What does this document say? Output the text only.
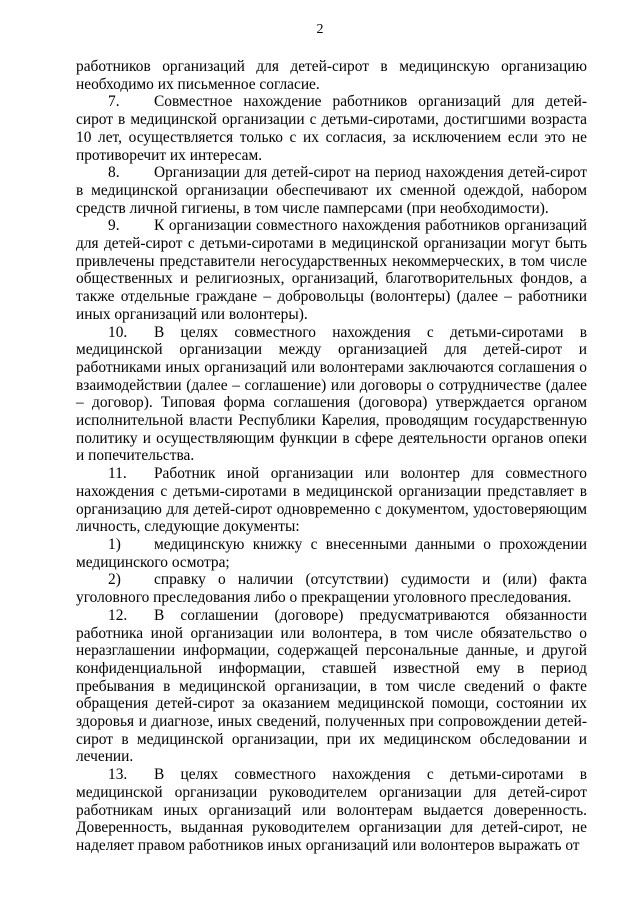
2

работников организаций для детей-сирот в медицинскую организацию необходимо их письменное согласие.

7. Совместное нахождение работников организаций для детей-сирот в медицинской организации с детьми-сиротами, достигшими возраста 10 лет, осуществляется только с их согласия, за исключением если это не противоречит их интересам.

8. Организации для детей-сирот на период нахождения детей-сирот в медицинской организации обеспечивают их сменной одеждой, набором средств личной гигиены, в том числе памперсами (при необходимости).

9. К организации совместного нахождения работников организаций для детей-сирот с детьми-сиротами в медицинской организации могут быть привлечены представители негосударственных некоммерческих, в том числе общественных и религиозных, организаций, благотворительных фондов, а также отдельные граждане – добровольцы (волонтеры) (далее – работники иных организаций или волонтеры).

10. В целях совместного нахождения с детьми-сиротами в медицинской организации между организацией для детей-сирот и работниками иных организаций или волонтерами заключаются соглашения о взаимодействии (далее – соглашение) или договоры о сотрудничестве (далее – договор). Типовая форма соглашения (договора) утверждается органом исполнительной власти Республики Карелия, проводящим государственную политику и осуществляющим функции в сфере деятельности органов опеки и попечительства.

11. Работник иной организации или волонтер для совместного нахождения с детьми-сиротами в медицинской организации представляет в организацию для детей-сирот одновременно с документом, удостоверяющим личность, следующие документы:

1) медицинскую книжку с внесенными данными о прохождении медицинского осмотра;

2) справку о наличии (отсутствии) судимости и (или) факта уголовного преследования либо о прекращении уголовного преследования.

12. В соглашении (договоре) предусматриваются обязанности работника иной организации или волонтера, в том числе обязательство о неразглашении информации, содержащей персональные данные, и другой конфиденциальной информации, ставшей известной ему в период пребывания в медицинской организации, в том числе сведений о факте обращения детей-сирот за оказанием медицинской помощи, состоянии их здоровья и диагнозе, иных сведений, полученных при сопровождении детей-сирот в медицинской организации, при их медицинском обследовании и лечении.

13. В целях совместного нахождения с детьми-сиротами в медицинской организации руководителем организации для детей-сирот работникам иных организаций или волонтерам выдается доверенность. Доверенность, выданная руководителем организации для детей-сирот, не наделяет правом работников иных организаций или волонтеров выражать от
